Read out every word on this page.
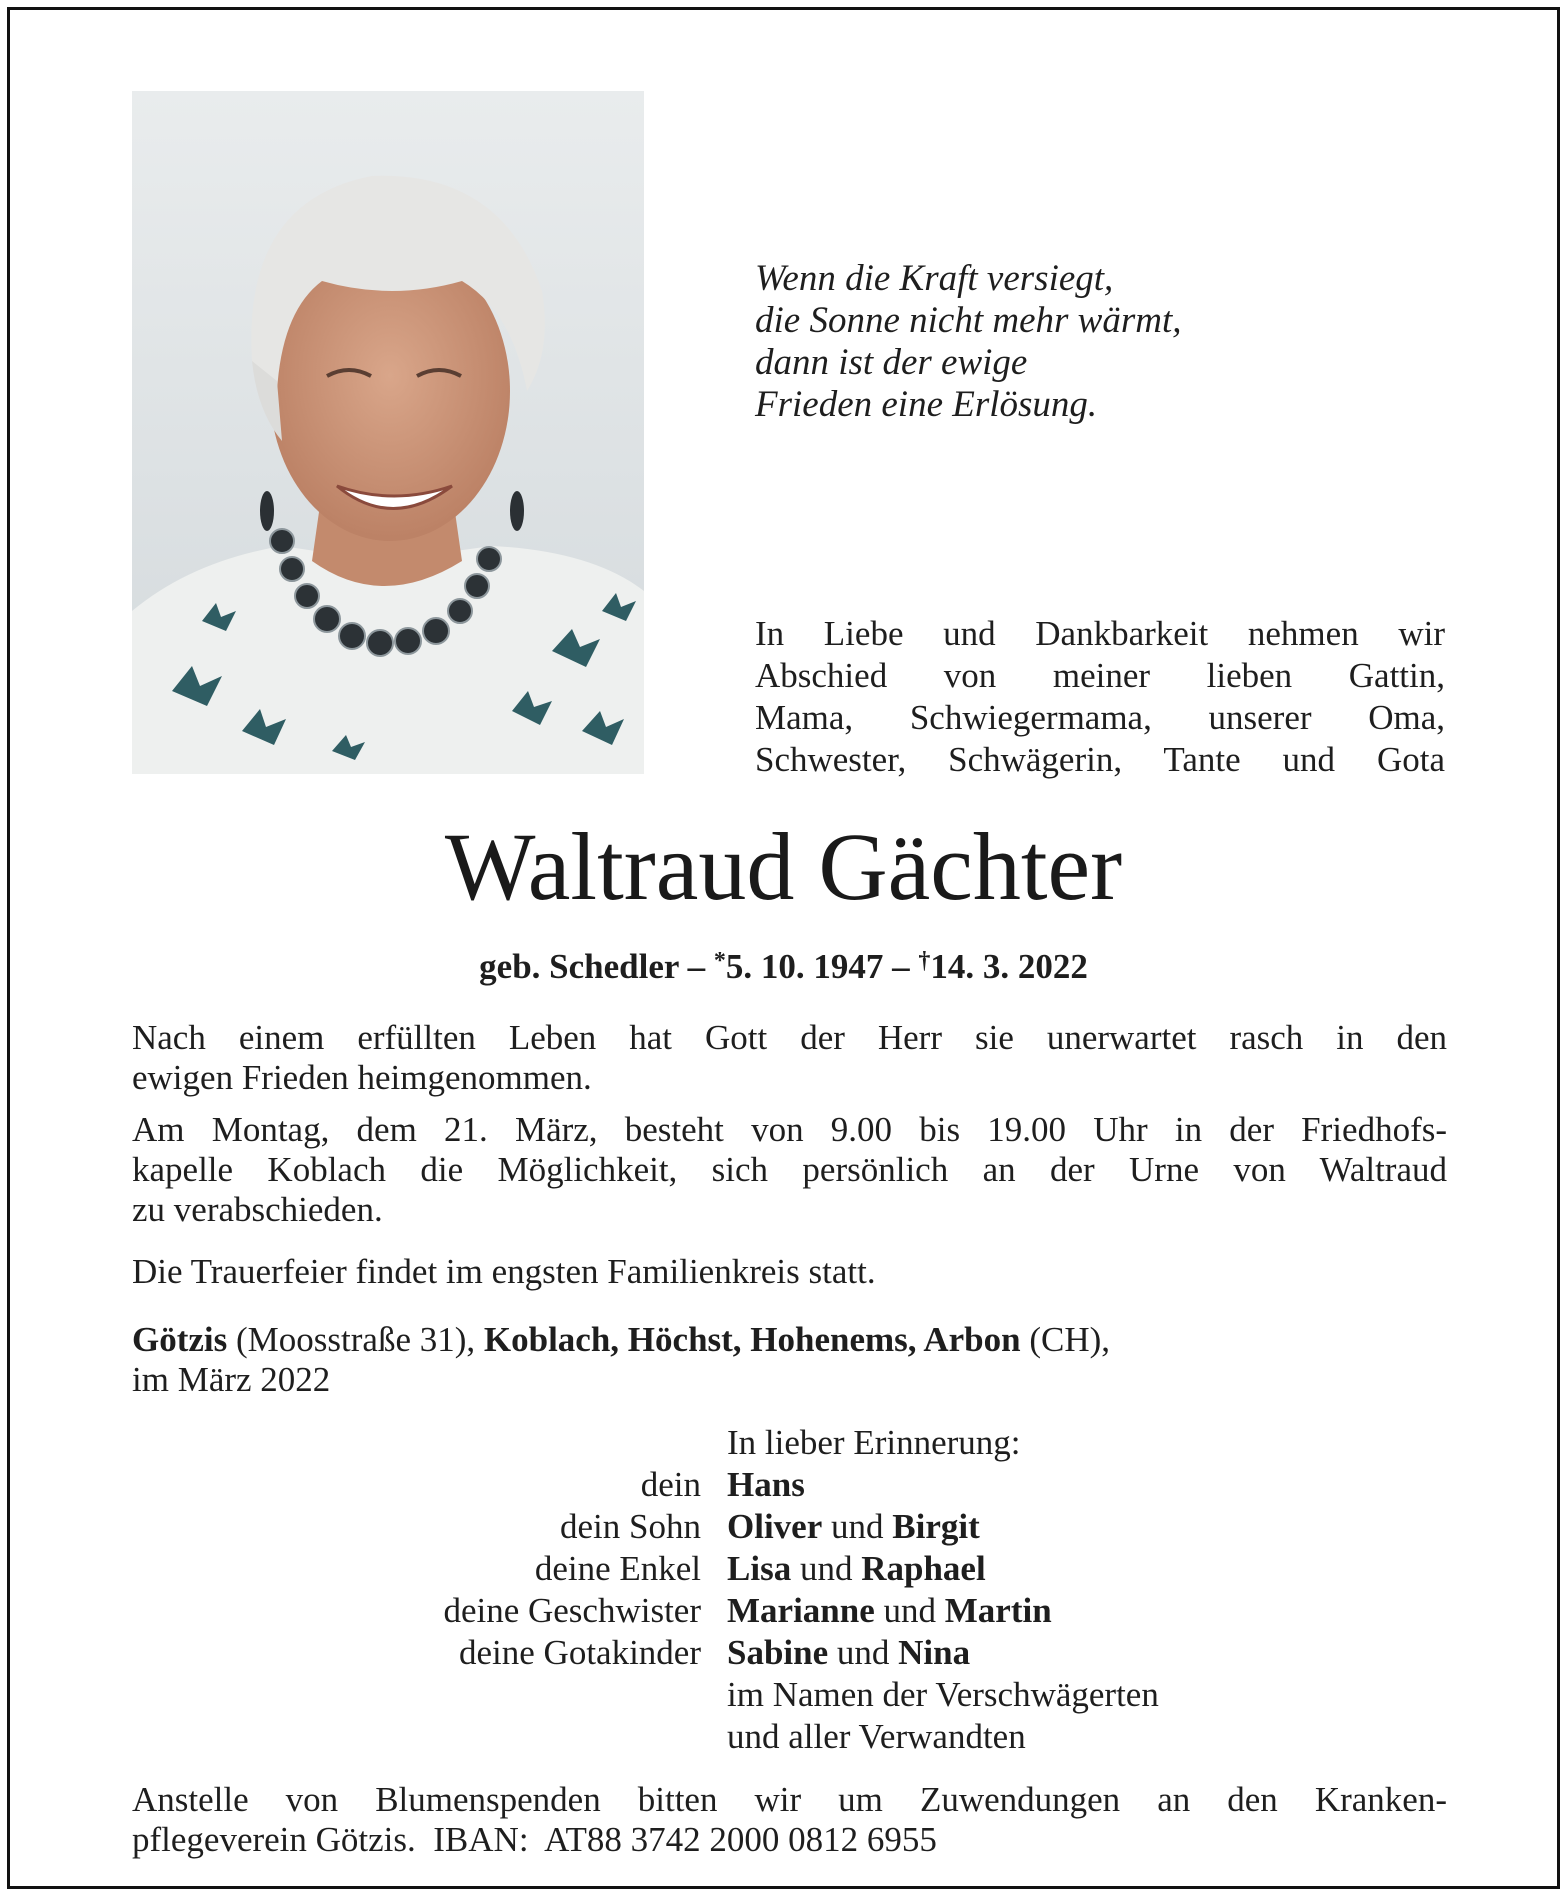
Wenn die Kraft versiegt,
die Sonne nicht mehr wärmt,
dann ist der ewige
Frieden eine Erlösung.

In Liebe und Dankbarkeit nehmen wir
Abschied von meiner lieben Gattin,
Mama, Schwiegermama, unserer Oma,
Schwester, Schwägerin, Tante und Gota
Waltraud Gächter
geb. Schedler – *5. 10. 1947 – †14. 3. 2022
Nach einem erfüllten Leben hat Gott der Herr sie unerwartet rasch in den
ewigen Frieden heimgenommen.
Am Montag, dem 21. März, besteht von 9.00 bis 19.00 Uhr in der Friedhofs-
kapelle Koblach die Möglichkeit, sich persönlich an der Urne von Waltraud
zu verabschieden.
Die Trauerfeier findet im engsten Familienkreis statt.
Götzis (Moosstraße 31), Koblach, Höchst, Hohenems, Arbon (CH),
im März 2022
In lieber Erinnerung:
dein Hans
dein Sohn Oliver und Birgit
deine Enkel Lisa und Raphael
deine Geschwister Marianne und Martin
deine Gotakinder Sabine und Nina
im Namen der Verschwägerten
und aller Verwandten
Anstelle von Blumenspenden bitten wir um Zuwendungen an den Kranken-
pflegeverein Götzis.  IBAN:  AT88 3742 2000 0812 6955
